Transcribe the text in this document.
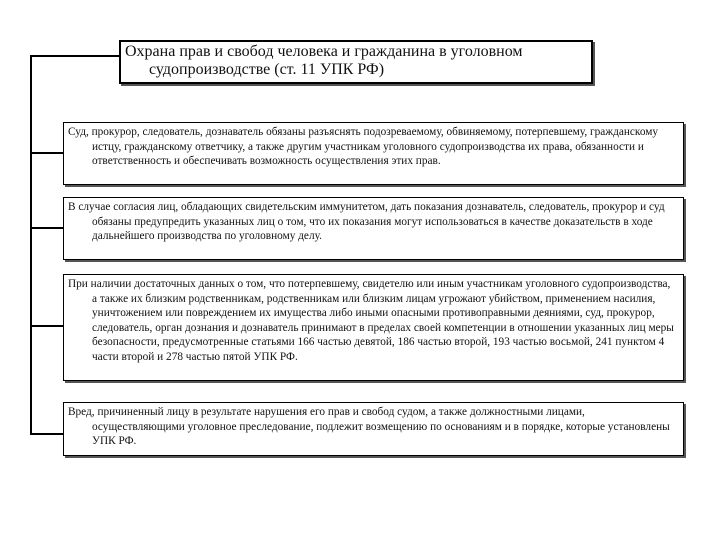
Охрана прав и свобод человека и гражданина в уголовном судопроизводстве (ст. 11 УПК РФ)

Суд, прокурор, следователь, дознаватель обязаны разъяснять подозреваемому, обвиняемому, потерпевшему, гражданскому истцу, гражданскому ответчику, а также другим участникам уголовного судопроизводства их права, обязанности и ответственность и обеспечивать возможность осуществления этих прав.

В случае согласия лиц, обладающих свидетельским иммунитетом, дать показания дознаватель, следователь, прокурор и суд обязаны предупредить указанных лиц о том, что их показания могут использоваться в качестве доказательств в ходе дальнейшего производства по уголовному делу.

При наличии достаточных данных о том, что потерпевшему, свидетелю или иным участникам уголовного судопроизводства, а также их близким родственникам, родственникам или близким лицам угрожают убийством, применением насилия, уничтожением или повреждением их имущества либо иными опасными противоправными деяниями, суд, прокурор, следователь, орган дознания и дознаватель принимают в пределах своей компетенции в отношении указанных лиц меры безопасности, предусмотренные статьями 166 частью девятой, 186 частью второй, 193 частью восьмой, 241 пунктом 4 части второй и 278 частью пятой УПК РФ.

Вред, причиненный лицу в результате нарушения его прав и свобод судом, а также должностными лицами, осуществляющими уголовное преследование, подлежит возмещению по основаниям и в порядке, которые установлены УПК РФ.
